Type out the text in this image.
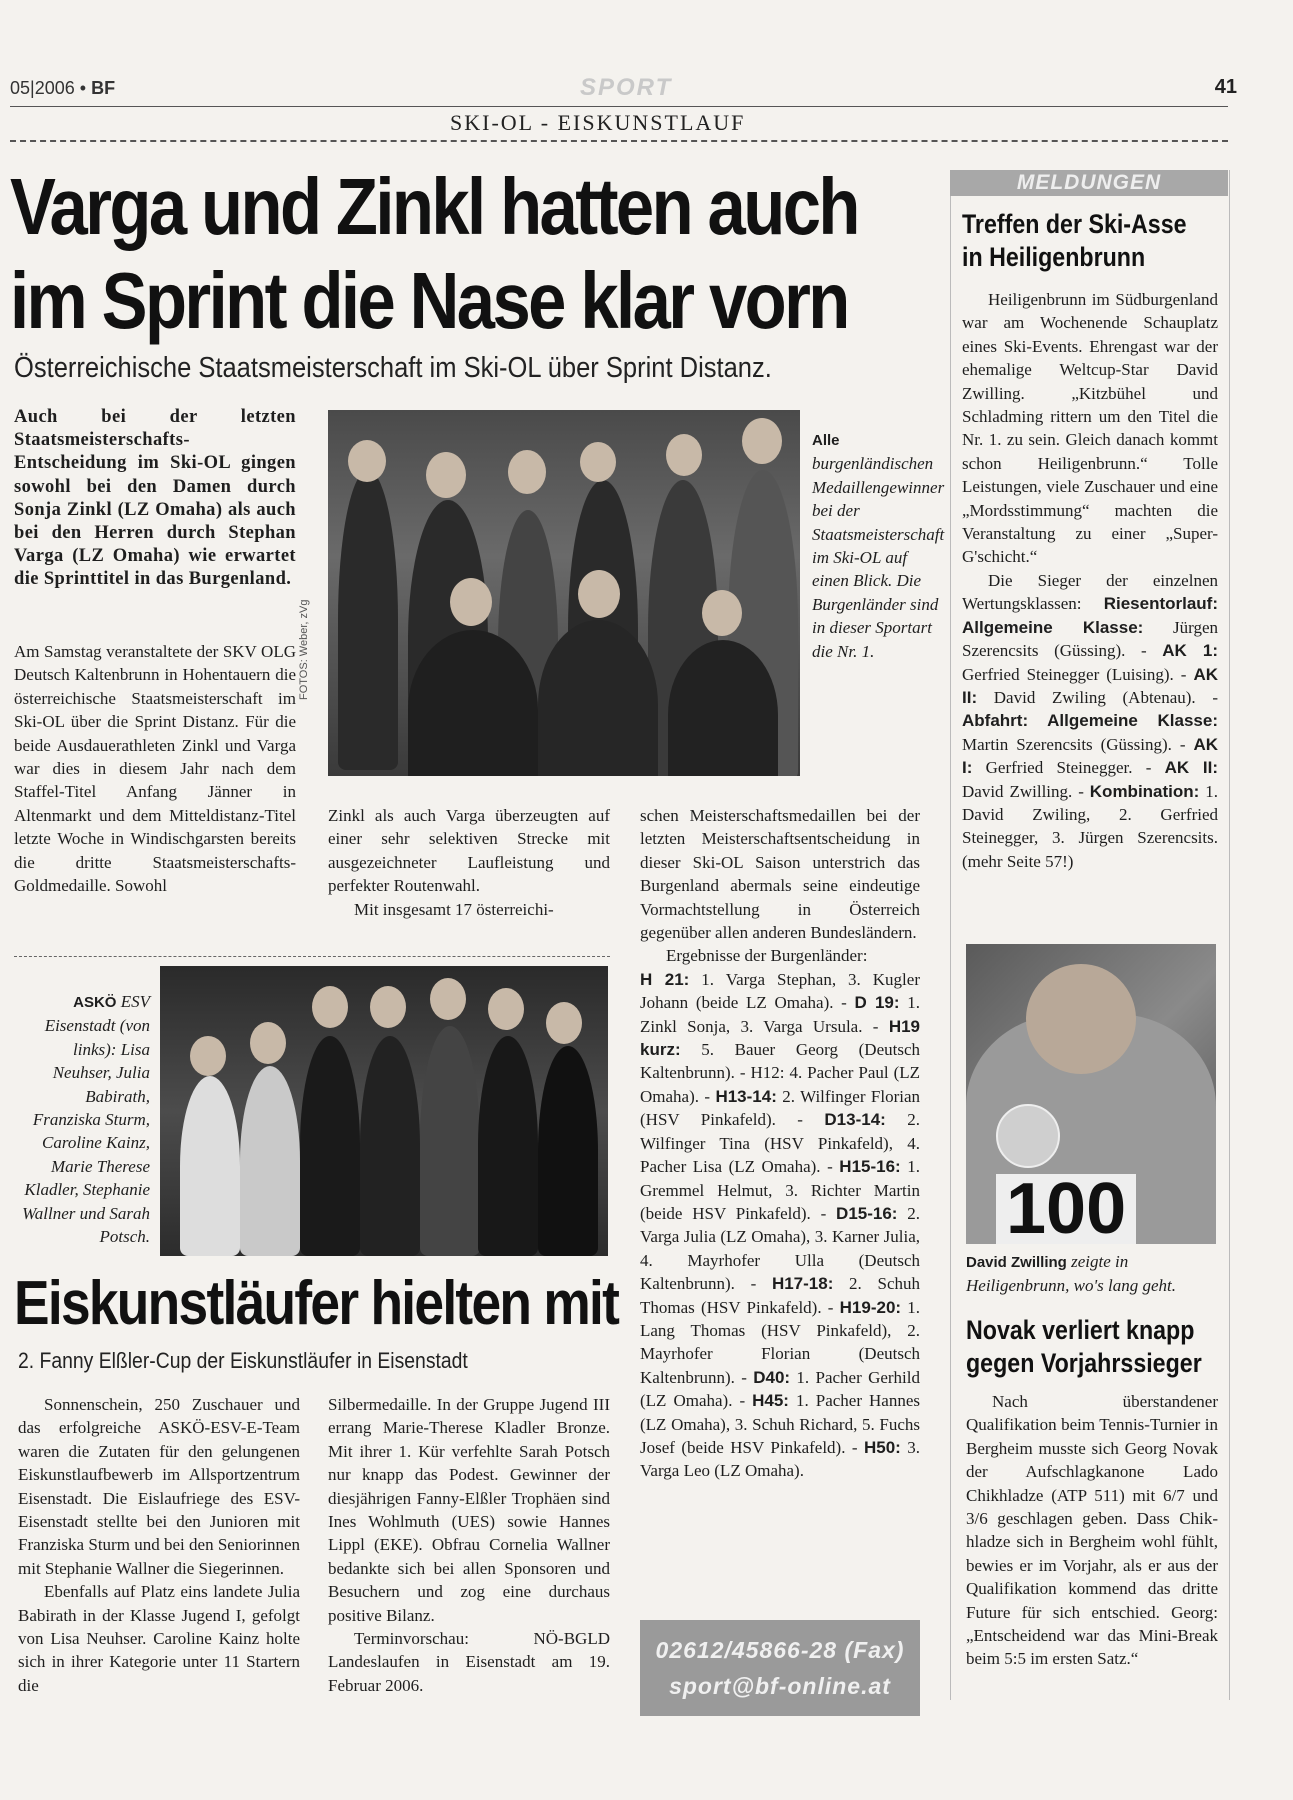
05|2006 • BF	SPORT	41
SKI-OL - EISKUNSTLAUF
Varga und Zinkl hatten auch
im Sprint die Nase klar vorn
Österreichische Staatsmeisterschaft im Ski-OL über Sprint Distanz.
Auch bei der letzten Staatsmeisterschafts-Entscheidung im Ski-OL gingen sowohl bei den Damen durch Sonja Zinkl (LZ Omaha) als auch bei den Herren durch Stephan Varga (LZ Omaha) wie erwartet die Sprinttitel in das Burgenland.

Am Samstag veranstaltete der SKV OLG Deutsch Kaltenbrunn in Hohentauern die österreichische Staatsmeisterschaft im Ski-OL über die Sprint Distanz. Für die beide Ausdauerathleten Zinkl und Varga war dies in diesem Jahr nach dem Staffel-Titel Anfang Jänner in Altenmarkt und dem Mitteldistanz-Titel letzte Woche in Windischgarsten bereits die dritte Staatsmeisterschafts-Goldmedaille. Sowohl

FOTOS: Weber, zVg
Alle burgenländischen Medaillengewinner bei der Staatsmeisterschaft im Ski-OL auf einen Blick. Die Burgenländer sind in dieser Sportart die Nr. 1.

Zinkl als auch Varga überzeugten auf einer sehr selektiven Strecke mit ausgezeichneter Laufleistung und perfekter Routenwahl.

Mit insgesamt 17 österreichi-

schen Meisterschaftsmedaillen bei der letzten Meisterschaftsentscheidung in dieser Ski-OL Saison unterstrich das Burgenland abermals seine eindeutige Vormachtstellung in Österreich gegenüber allen anderen Bundesländern.

Ergebnisse der Burgenländer:

H 21: 1. Varga Stephan, 3. Kugler Johann (beide LZ Omaha). - D 19: 1. Zinkl Sonja, 3. Varga Ursula. - H19 kurz: 5. Bauer Georg (Deutsch Kaltenbrunn). - H12: 4. Pacher Paul (LZ Omaha). - H13-14: 2. Wilfinger Florian (HSV Pinkafeld). - D13-14: 2. Wilfinger Tina (HSV Pinkafeld), 4. Pacher Lisa (LZ Omaha). - H15-16: 1. Gremmel Helmut, 3. Richter Martin (beide HSV Pinkafeld). - D15-16: 2. Varga Julia (LZ Omaha), 3. Karner Julia, 4. Mayrhofer Ulla (Deutsch Kaltenbrunn). - H17-18: 2. Schuh Thomas (HSV Pinkafeld). - H19-20: 1. Lang Thomas (HSV Pinkafeld), 2. Mayrhofer Florian (Deutsch Kaltenbrunn). - D40: 1. Pacher Gerhild (LZ Omaha). - H45: 1. Pacher Hannes (LZ Omaha), 3. Schuh Richard, 5. Fuchs Josef (beide HSV Pinkafeld). - H50: 3. Varga Leo (LZ Omaha).

ASKÖ ESV Eisenstadt (von links): Lisa Neuhser, Julia Babirath, Franziska Sturm, Caroline Kainz, Marie Therese Kladler, Stephanie Wallner und Sarah Potsch.
Eiskunstläufer hielten mit
2. Fanny Elßler-Cup der Eiskunstläufer in Eisenstadt

Sonnenschein, 250 Zuschauer und das erfolgreiche ASKÖ-ESV-E-Team waren die Zutaten für den gelungenen Eiskunstlaufbewerb im Allsportzentrum Eisenstadt. Die Eislaufriege des ESV-Eisenstadt stellte bei den Junioren mit Franziska Sturm und bei den Seniorinnen mit Stephanie Wallner die Siegerinnen.

Ebenfalls auf Platz eins landete Julia Babirath in der Klasse Jugend I, gefolgt von Lisa Neuhser. Caroline Kainz holte sich in ihrer Kategorie unter 11 Startern die

Silbermedaille. In der Gruppe Jugend III errang Marie-Therese Kladler Bronze. Mit ihrer 1. Kür verfehlte Sarah Potsch nur knapp das Podest. Gewinner der diesjährigen Fanny-Elßler Trophäen sind Ines Wohlmuth (UES) sowie Hannes Lippl (EKE). Obfrau Cornelia Wallner bedankte sich bei allen Sponsoren und Besuchern und zog eine durchaus positive Bilanz.

Terminvorschau: NÖ-BGLD Landeslaufen in Eisenstadt am 19. Februar 2006.

02612/45866-28 (Fax)
sport@bf-online.at
MELDUNGEN
Treffen der Ski-Asse
in Heiligenbrunn

Heiligenbrunn im Südburgenland war am Wochenende Schauplatz eines Ski-Events. Ehrengast war der ehemalige Weltcup-Star David Zwilling. „Kitzbühel und Schladming rittern um den Titel die Nr. 1. zu sein. Gleich danach kommt schon Heiligenbrunn.“ Tolle Leistungen, viele Zuschauer und eine „Mordsstimmung“ machten die Veranstaltung zu einer „Super-G'schicht.“

Die Sieger der einzelnen Wertungsklassen: Riesentorlauf: Allgemeine Klasse: Jürgen Szerencsits (Güssing). - AK 1: Gerfried Steinegger (Luising). - AK II: David Zwiling (Abtenau). - Abfahrt: Allgemeine Klasse: Martin Szerencsits (Güssing). - AK I: Gerfried Steinegger. - AK II: David Zwilling. - Kombination: 1. David Zwiling, 2. Gerfried Steinegger, 3. Jürgen Szerencsits. (mehr Seite 57!)

100
David Zwilling zeigte in Heiligenbrunn, wo's lang geht.
Novak verliert knapp
gegen Vorjahrssieger

Nach überstandener Qualifikation beim Tennis-Turnier in Bergheim musste sich Georg Novak der Aufschlagkanone Lado Chikhladze (ATP 511) mit 6/7 und 3/6 geschlagen geben. Dass Chik-hladze sich in Bergheim wohl fühlt, bewies er im Vorjahr, als er aus der Qualifikation kommend das dritte Future für sich entschied. Georg: „Entscheidend war das Mini-Break beim 5:5 im ersten Satz.“
